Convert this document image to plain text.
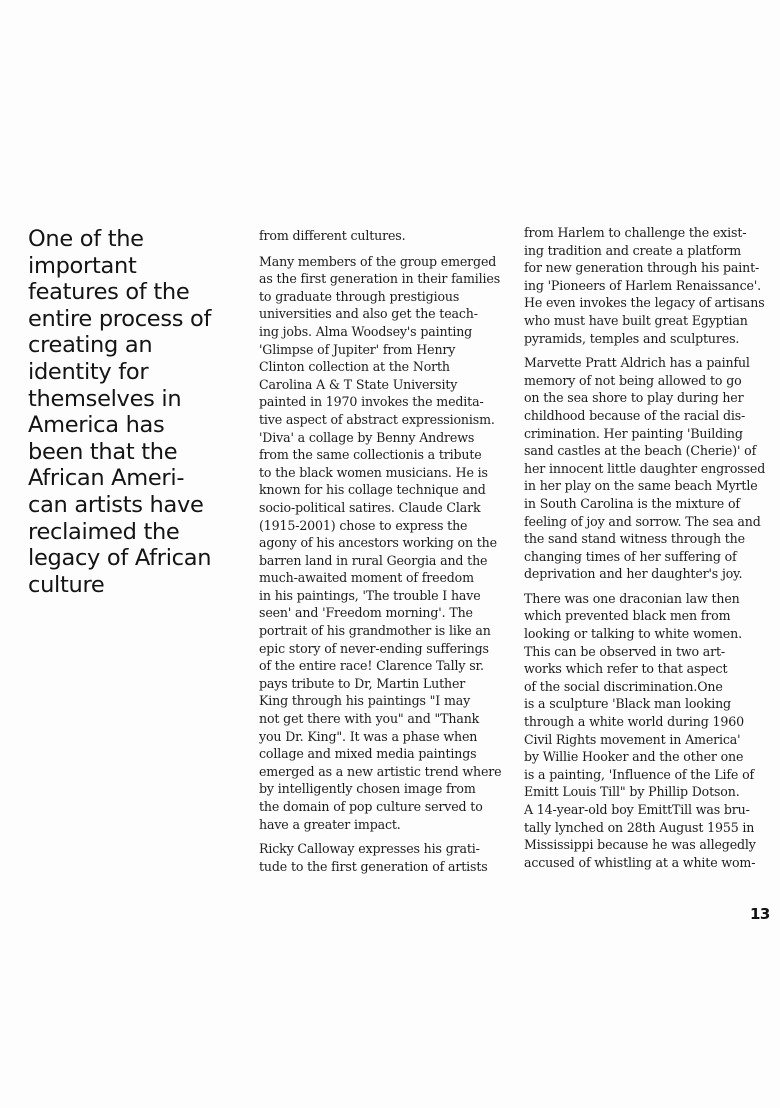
One of the
important
features of the
entire process of
creating an
identity for
themselves in
America has
been that the
African Ameri-
can artists have
reclaimed the
legacy of African
culture

from different cultures.

Many members of the group emerged
as the first generation in their families
to graduate through prestigious
universities and also get the teach-
ing jobs. Alma Woodsey's painting
'Glimpse of Jupiter' from Henry
Clinton collection at the North
Carolina A & T State University
painted in 1970 invokes the medita-
tive aspect of abstract expressionism.
'Diva' a collage by Benny Andrews
from the same collectionis a tribute
to the black women musicians. He is
known for his collage technique and
socio-political satires. Claude Clark
(1915-2001) chose to express the
agony of his ancestors working on the
barren land in rural Georgia and the
much-awaited moment of freedom
in his paintings, 'The trouble I have
seen' and 'Freedom morning'. The
portrait of his grandmother is like an
epic story of never-ending sufferings
of the entire race! Clarence Tally sr.
pays tribute to Dr, Martin Luther
King through his paintings "I may
not get there with you" and "Thank
you Dr. King". It was a phase when
collage and mixed media paintings
emerged as a new artistic trend where
by intelligently chosen image from
the domain of pop culture served to
have a greater impact.

Ricky Calloway expresses his grati-
tude to the first generation of artists

from Harlem to challenge the exist-
ing tradition and create a platform
for new generation through his paint-
ing 'Pioneers of Harlem Renaissance'.
He even invokes the legacy of artisans
who must have built great Egyptian
pyramids, temples and sculptures.

Marvette Pratt Aldrich has a painful
memory of not being allowed to go
on the sea shore to play during her
childhood because of the racial dis-
crimination. Her painting 'Building
sand castles at the beach (Cherie)' of
her innocent little daughter engrossed
in her play on the same beach Myrtle
in South Carolina is the mixture of
feeling of joy and sorrow. The sea and
the sand stand witness through the
changing times of her suffering of
deprivation and her daughter's joy.

There was one draconian law then
which prevented black men from
looking or talking to white women.
This can be observed in two art-
works which refer to that aspect
of the social discrimination.One
is a sculpture 'Black man looking
through a white world during 1960
Civil Rights movement in America'
by Willie Hooker and the other one
is a painting, 'Influence of the Life of
Emitt Louis Till" by Phillip Dotson.
A 14-year-old boy EmittTill was bru-
tally lynched on 28th August 1955 in
Mississippi because he was allegedly
accused of whistling at a white wom-

13
